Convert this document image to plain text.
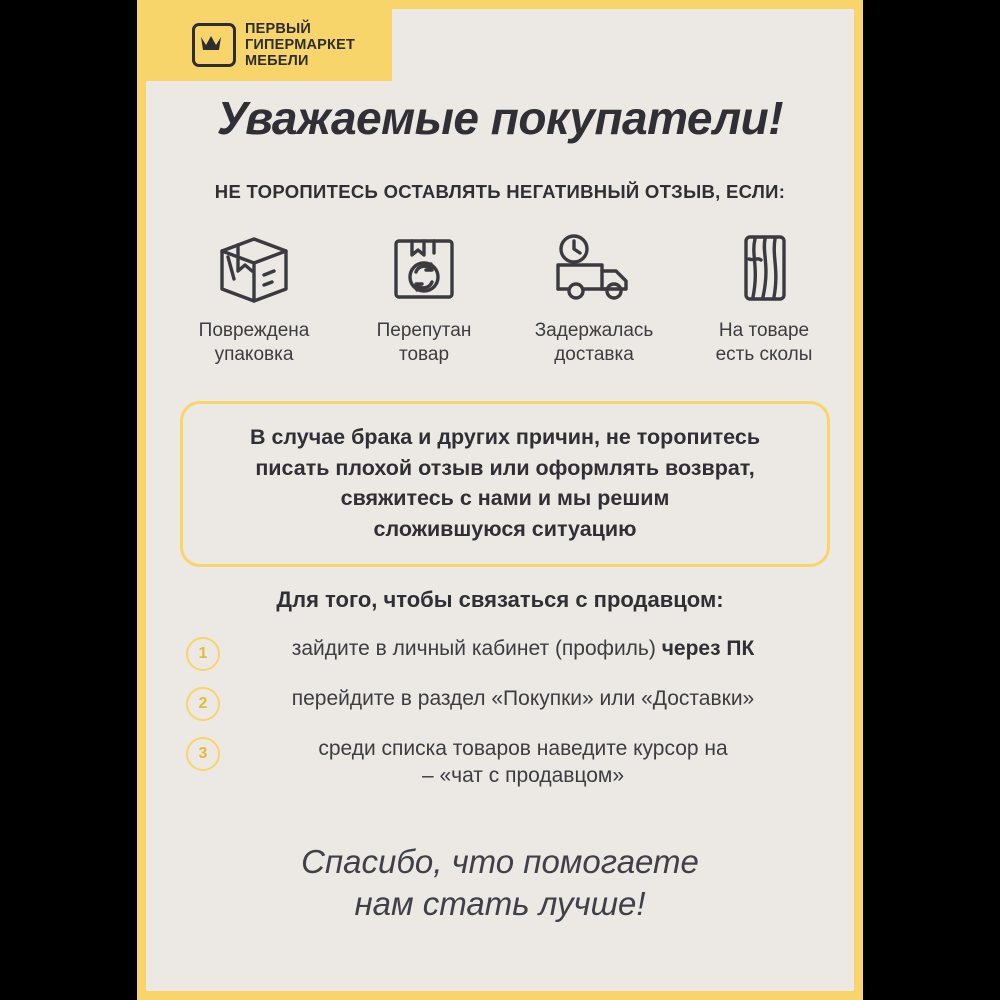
ПЕРВЫЙ
ГИПЕРМАРКЕТ
МЕБЕЛИ
Уважаемые покупатели!
НЕ ТОРОПИТЕСЬ ОСТАВЛЯТЬ НЕГАТИВНЫЙ ОТЗЫВ, ЕСЛИ:
Повреждена
упаковка
Перепутан
товар
Задержалась
доставка
На товаре
есть сколы
В случае брака и других причин, не торопитесь
писать плохой отзыв или оформлять возврат,
свяжитесь с нами и мы решим
сложившуюся ситуацию
Для того, чтобы связаться с продавцом:
1	зайдите в личный кабинет (профиль) через ПК
2	перейдите в раздел «Покупки» или «Доставки»
3	среди списка товаров наведите курсор на
– «чат с продавцом»
Спасибо, что помогаете
нам стать лучше!
